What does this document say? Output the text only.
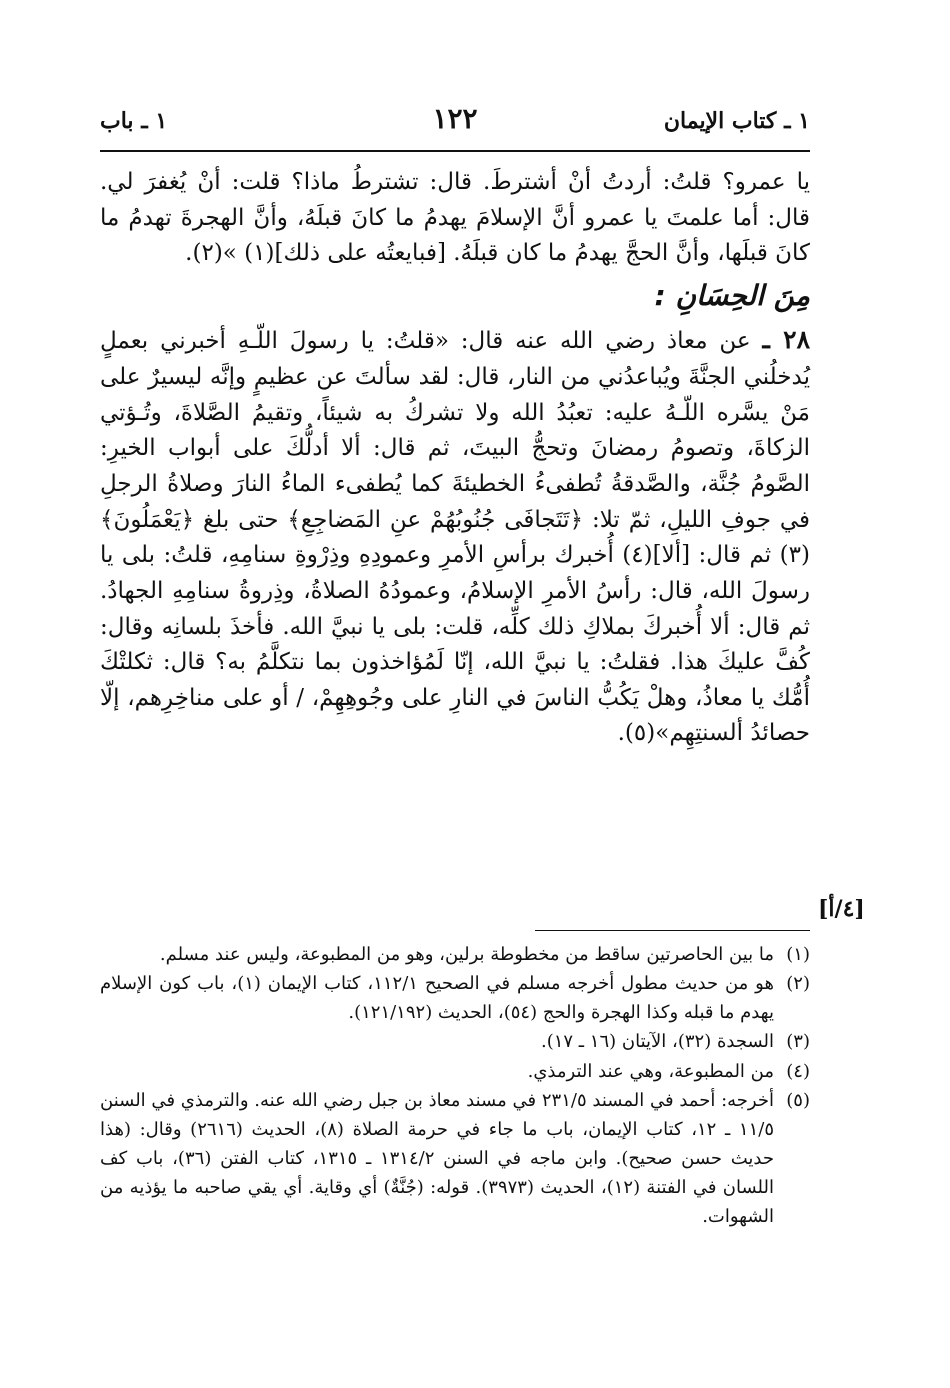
١ ـ كتاب الإيمان
١٢٢
١ ـ باب

يا عمرو؟ قلتُ: أردتُ أنْ أشترطَ. قال: تشترطُ ماذا؟ قلت: أنْ يُغفرَ لي. قال: أما علمتَ يا عمرو أنَّ الإسلامَ يهدمُ ما كانَ قبلَهُ، وأنَّ الهجرةَ تهدمُ ما كانَ قبلَها، وأنَّ الحجَّ يهدمُ ما كان قبلَهُ. [فبايعتُه على ذلك](١) »(٢).

مِنَ الحِسَانِ :

٢٨ ـ عن معاذ رضي الله عنه قال: «قلتُ: يا رسولَ اللّـهِ أخبرني بعملٍ يُدخلُني الجنَّةَ ويُباعدُني من النار، قال: لقد سألتَ عن عظيمٍ وإنَّه ليسيرٌ على مَنْ يسَّره اللّـهُ عليه: تعبُدُ الله ولا تشركُ به شيئاً، وتقيمُ الصَّلاةَ، وتُـؤتي الزكاةَ، وتصومُ رمضانَ وتحجُّ البيتَ، ثم قال: ألا أدلُّكَ على أبواب الخيرِ: الصَّومُ جُنَّة، والصَّدقةُ تُطفىءُ الخطيئةَ كما يُطفىء الماءُ النارَ وصلاةُ الرجلِ في جوفِ الليلِ، ثمّ تلا: ﴿تَتَجافَى جُنُوبُهُمْ عنِ المَضاجِعِ﴾ حتى بلغ ﴿يَعْمَلُونَ﴾(٣) ثم قال: [ألا](٤) أُخبرك برأسِ الأمرِ وعمودِهِ وذِرْوةِ سنامِهِ، قلتُ: بلى يا رسولَ الله، قال: رأسُ الأمرِ الإسلامُ، وعمودُهُ الصلاةُ، وذِروةُ سنامِهِ الجهادُ. ثم قال: ألا أُخبركَ بملاكِ ذلك كلِّه، قلت: بلى يا نبيَّ الله. فأخذَ بلسانِه وقال: كُفَّ عليكَ هذا. فقلتُ: يا نبيَّ الله، إنّا لَمُؤاخذون بما نتكلَّمُ به؟ قال: ثكلتْكَ أُمُّك يا معاذُ، وهلْ يَكُبُّ الناسَ في النارِ على وجُوهِهِمْ، / أو على مناخِرِهم، إلّا حصائدُ ألسنتِهِم»(٥).

(١)
ما بين الحاصرتين ساقط من مخطوطة برلين، وهو من المطبوعة، وليس عند مسلم.

(٢)
هو من حديث مطول أخرجه مسلم في الصحيح ١١٢/١، كتاب الإيمان (١)، باب كون الإسلام يهدم ما قبله وكذا الهجرة والحج (٥٤)، الحديث (١٢١/١٩٢).

(٣)
السجدة (٣٢)، الآيتان (١٦ ـ ١٧).

(٤)
من المطبوعة، وهي عند الترمذي.

(٥)
أخرجه: أحمد في المسند ٢٣١/٥ في مسند معاذ بن جبل رضي الله عنه. والترمذي في السنن ١١/٥ ـ ١٢، كتاب الإيمان، باب ما جاء في حرمة الصلاة (٨)، الحديث (٢٦١٦) وقال: (هذا حديث حسن صحيح). وابن ماجه في السنن ١٣١٤/٢ ـ ١٣١٥، كتاب الفتن (٣٦)، باب كف اللسان في الفتنة (١٢)، الحديث (٣٩٧٣). قوله: (جُنَّةٌ) أي وقاية. أي يقي صاحبه ما يؤذيه من الشهوات.

[٤/أ]
